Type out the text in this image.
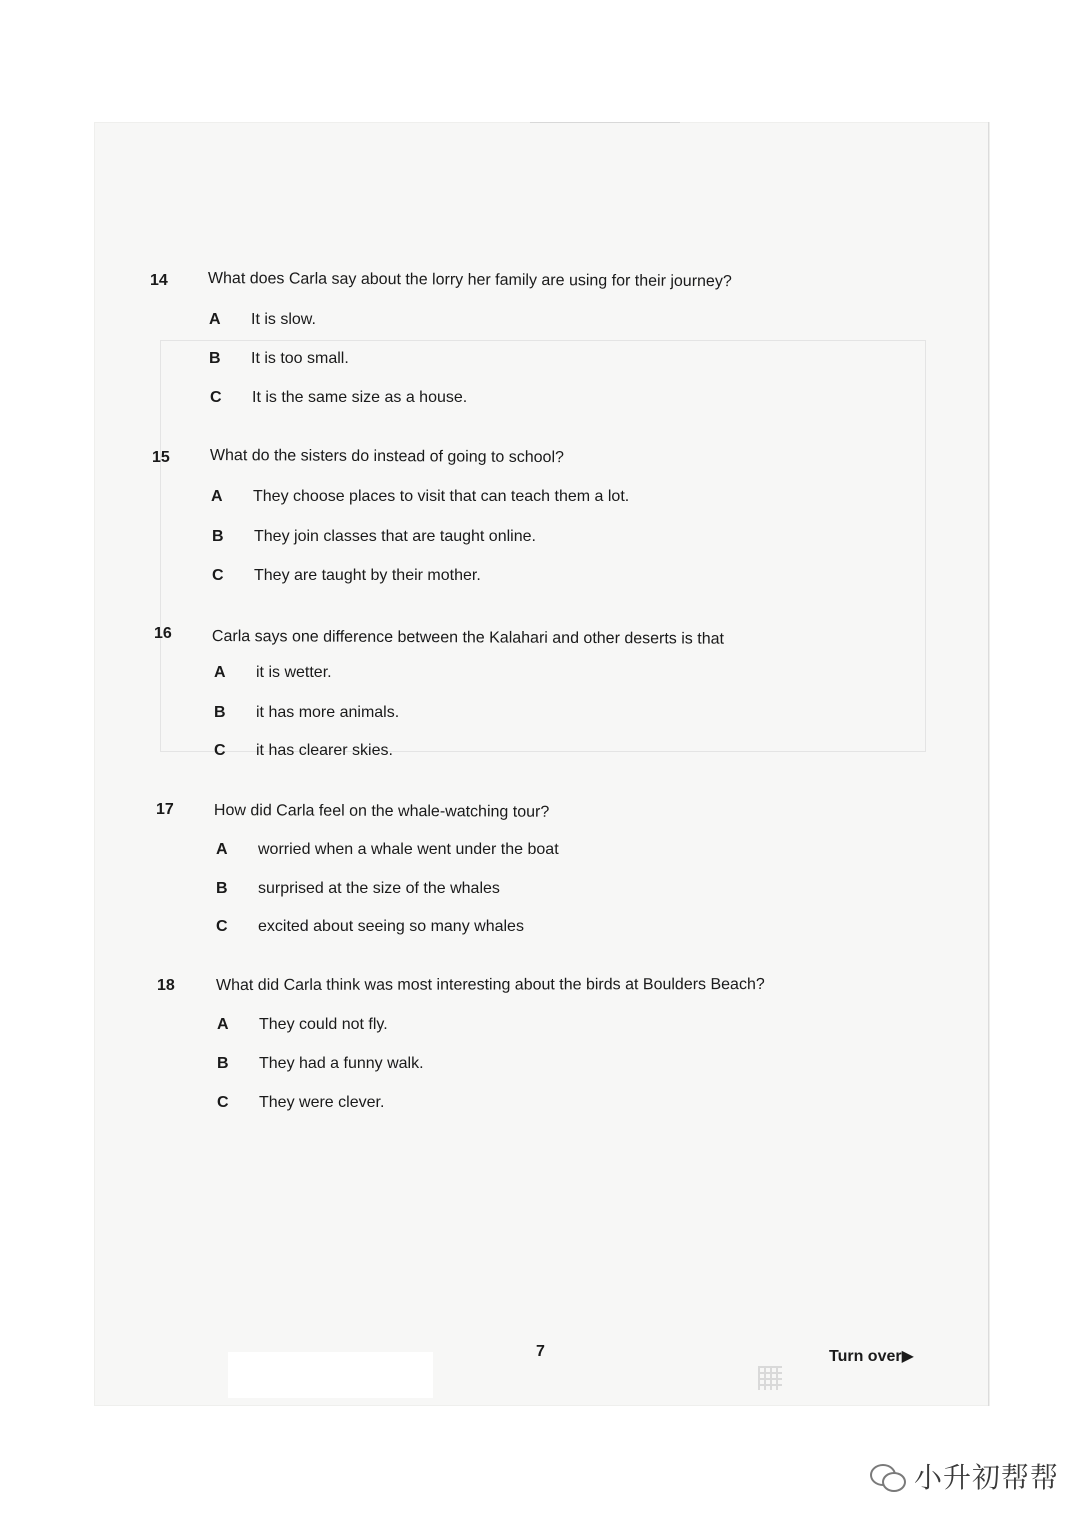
14	What does Carla say about the lorry her family are using for their journey?
A It is slow.
B It is too small.
C It is the same size as a house.
15	What do the sisters do instead of going to school?
A They choose places to visit that can teach them a lot.
B They join classes that are taught online.
C They are taught by their mother.
16	Carla says one difference between the Kalahari and other deserts is that
A it is wetter.
B it has more animals.
C it has clearer skies.
17	How did Carla feel on the whale-watching tour?
A worried when a whale went under the boat
B surprised at the size of the whales
C excited about seeing so many whales
18	What did Carla think was most interesting about the birds at Boulders Beach?
A They could not fly.
B They had a funny walk.
C They were clever.
7	Turn over▶
小升初帮帮
